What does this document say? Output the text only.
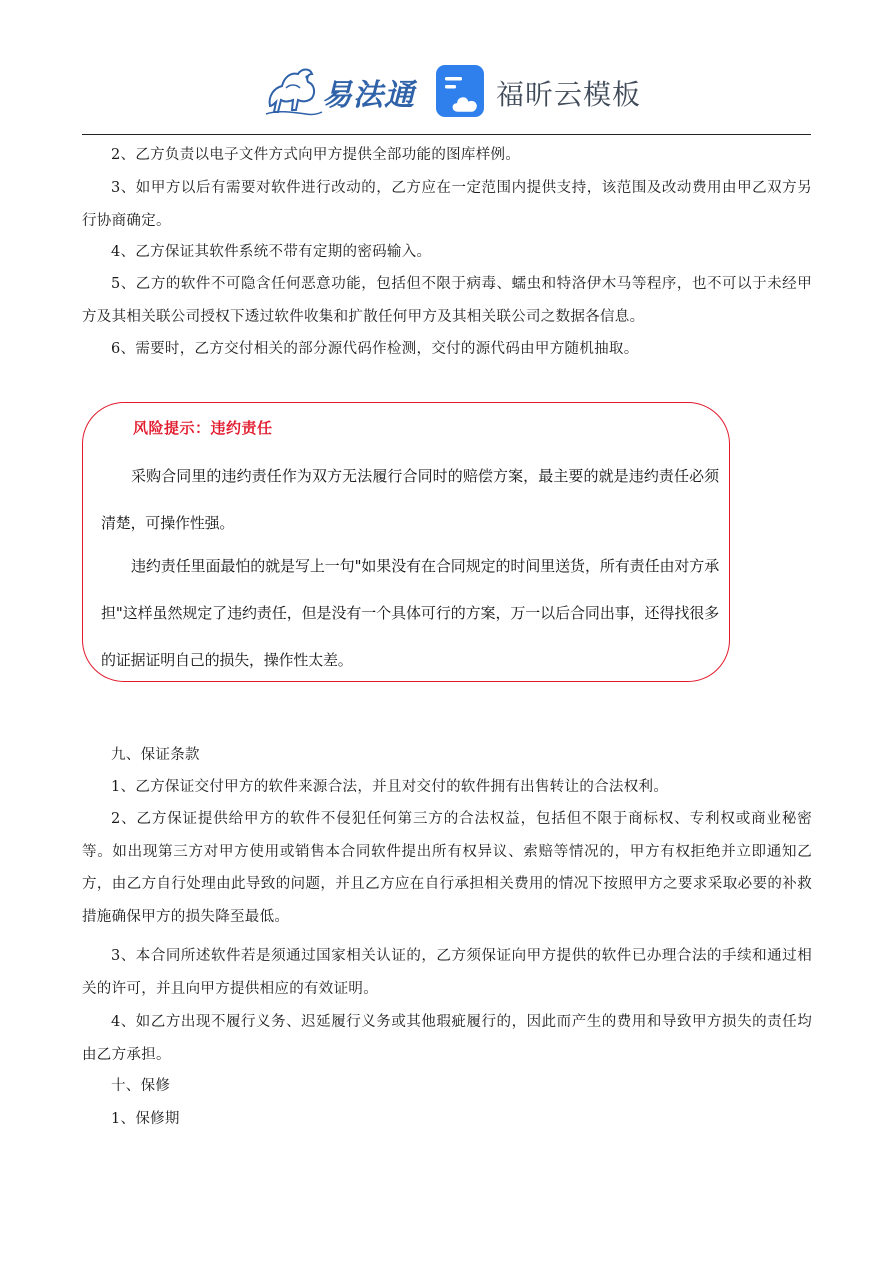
易法通	福昕云模板

2、乙方负责以电子文件方式向甲方提供全部功能的图库样例。

3、如甲方以后有需要对软件进行改动的，乙方应在一定范围内提供支持，该范围及改动费用由甲乙双方另行协商确定。

4、乙方保证其软件系统不带有定期的密码输入。

5、乙方的软件不可隐含任何恶意功能，包括但不限于病毒、蠕虫和特洛伊木马等程序，也不可以于未经甲方及其相关联公司授权下透过软件收集和扩散任何甲方及其相关联公司之数据各信息。

6、需要时，乙方交付相关的部分源代码作检测，交付的源代码由甲方随机抽取。

风险提示：违约责任

采购合同里的违约责任作为双方无法履行合同时的赔偿方案，最主要的就是违约责任必须清楚，可操作性强。

违约责任里面最怕的就是写上一句"如果没有在合同规定的时间里送货，所有责任由对方承担"这样虽然规定了违约责任，但是没有一个具体可行的方案，万一以后合同出事，还得找很多的证据证明自己的损失，操作性太差。

九、保证条款

1、乙方保证交付甲方的软件来源合法，并且对交付的软件拥有出售转让的合法权利。

2、乙方保证提供给甲方的软件不侵犯任何第三方的合法权益，包括但不限于商标权、专利权或商业秘密等。如出现第三方对甲方使用或销售本合同软件提出所有权异议、索赔等情况的，甲方有权拒绝并立即通知乙方，由乙方自行处理由此导致的问题，并且乙方应在自行承担相关费用的情况下按照甲方之要求采取必要的补救措施确保甲方的损失降至最低。

3、本合同所述软件若是须通过国家相关认证的，乙方须保证向甲方提供的软件已办理合法的手续和通过相关的许可，并且向甲方提供相应的有效证明。

4、如乙方出现不履行义务、迟延履行义务或其他瑕疵履行的，因此而产生的费用和导致甲方损失的责任均由乙方承担。

十、保修

1、保修期
